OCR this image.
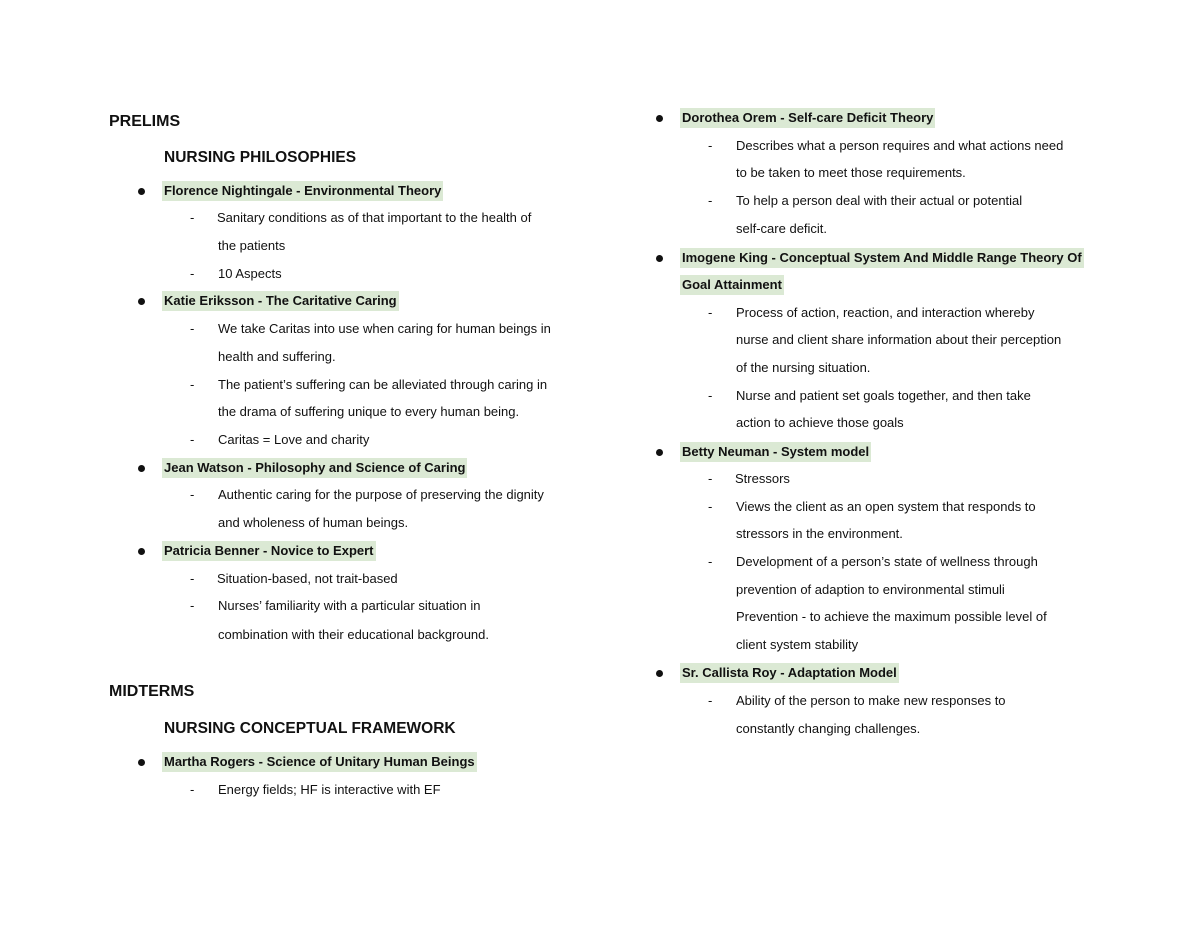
PRELIMS
NURSING PHILOSOPHIES
Florence Nightingale - Environmental Theory
- Sanitary conditions as of that important to the health of
the patients
- 10 Aspects
Katie Eriksson - The Caritative Caring
- We take Caritas into use when caring for human beings in
health and suffering.
- The patient’s suffering can be alleviated through caring in
the drama of suffering unique to every human being.
- Caritas = Love and charity
Jean Watson - Philosophy and Science of Caring
- Authentic caring for the purpose of preserving the dignity
and wholeness of human beings.
Patricia Benner - Novice to Expert
- Situation-based, not trait-based
- Nurses’ familiarity with a particular situation in
combination with their educational background.
MIDTERMS
NURSING CONCEPTUAL FRAMEWORK
Martha Rogers - Science of Unitary Human Beings
- Energy fields; HF is interactive with EF
Dorothea Orem - Self-care Deficit Theory
- Describes what a person requires and what actions need
to be taken to meet those requirements.
- To help a person deal with their actual or potential
self-care deficit.
Imogene King - Conceptual System And Middle Range Theory Of
Goal Attainment
- Process of action, reaction, and interaction whereby
nurse and client share information about their perception
of the nursing situation.
- Nurse and patient set goals together, and then take
action to achieve those goals
Betty Neuman - System model
- Stressors
- Views the client as an open system that responds to
stressors in the environment.
- Development of a person’s state of wellness through
prevention of adaption to environmental stimuli
Prevention - to achieve the maximum possible level of
client system stability
Sr. Callista Roy - Adaptation Model
- Ability of the person to make new responses to
constantly changing challenges.
